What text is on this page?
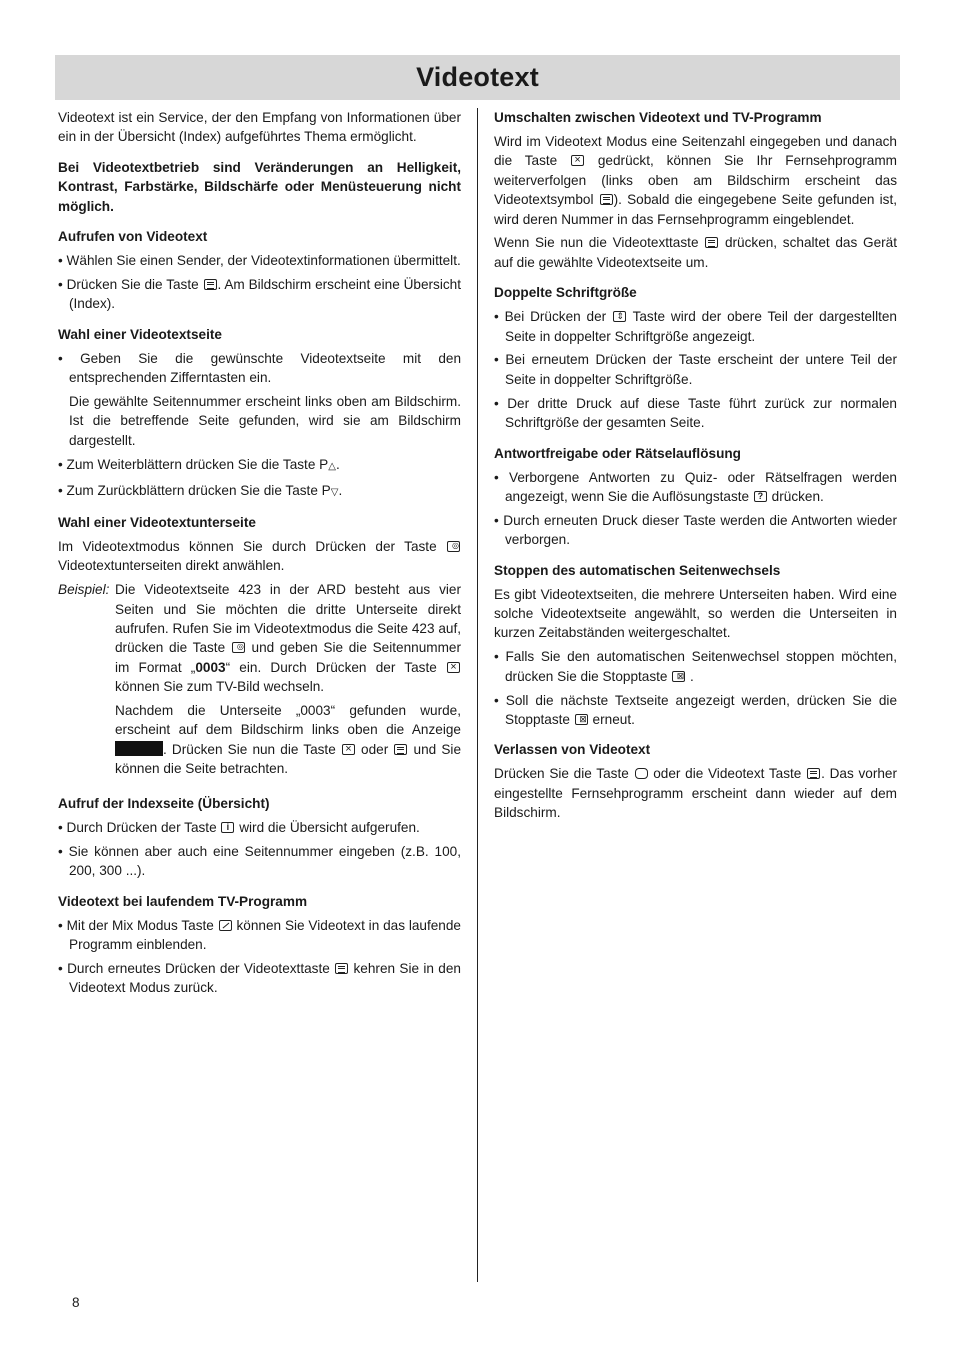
Videotext

Videotext ist ein Service, der den Empfang von Informationen über ein in der Übersicht (Index) aufgeführtes Thema ermöglicht.

Bei Videotextbetrieb sind Veränderungen an Helligkeit, Kontrast, Farbstärke, Bildschärfe oder Menüsteuerung nicht möglich.

Aufrufen von Videotext
• Wählen Sie einen Sender, der Videotextinformationen übermittelt.
• Drücken Sie die Taste . Am Bildschirm erscheint eine Übersicht (Index).
Wahl einer Videotextseite
• Geben Sie die gewünschte Videotextseite mit den entsprechenden Zifferntasten ein.
Die gewählte Seitennummer erscheint links oben am Bildschirm. Ist die betreffende Seite gefunden, wird sie am Bildschirm dargestellt.
• Zum Weiterblättern drücken Sie die Taste P△.
• Zum Zurückblättern drücken Sie die Taste P▽.
Wahl einer Videotextunterseite

Im Videotextmodus können Sie durch Drücken der Taste ◎ Videotextunterseiten direkt anwählen.

Beispiel: Die Videotextseite 423 in der ARD besteht aus vier Seiten und Sie möchten die dritte Unterseite direkt aufrufen. Rufen Sie im Videotextmodus die Seite 423 auf, drücken die Taste ◎ und geben Sie die Seitennummer im Format „0003“ ein. Durch Drücken der Taste × können Sie zum TV-Bild wechseln.

Nachdem die Unterseite „0003“ gefunden wurde, erscheint auf dem Bildschirm links oben die Anzeige . Drücken Sie nun die Taste × oder  und Sie können die Seite betrachten.

Aufruf der Indexseite (Übersicht)
• Durch Drücken der Taste i wird die Übersicht aufgerufen.
• Sie können aber auch eine Seitennummer eingeben (z.B. 100, 200, 300 ...).
Videotext bei laufendem TV-Programm
• Mit der Mix Modus Taste  können Sie Videotext in das laufende Programm einblenden.
• Durch erneutes Drücken der Videotexttaste  kehren Sie in den Videotext Modus zurück.
Umschalten zwischen Videotext und TV-Programm

Wird im Videotext Modus eine Seitenzahl eingegeben und danach die Taste × gedrückt, können Sie Ihr Fernsehprogramm weiterverfolgen (links oben am Bildschirm erscheint das Videotextsymbol ). Sobald die eingegebene Seite gefunden ist, wird deren Nummer in das Fernsehprogramm eingeblendet.

Wenn Sie nun die Videotexttaste  drücken, schaltet das Gerät auf die gewählte Videotextseite um.

Doppelte Schriftgröße
• Bei Drücken der ⇕ Taste wird der obere Teil der dargestellten Seite in doppelter Schriftgröße angezeigt.
• Bei erneutem Drücken der Taste erscheint der untere Teil der Seite in doppelter Schriftgröße.
• Der dritte Druck auf diese Taste führt zurück zur normalen Schriftgröße der gesamten Seite.
Antwortfreigabe oder Rätselauflösung
• Verborgene Antworten zu Quiz- oder Rätselfragen werden angezeigt, wenn Sie die Auflösungstaste ? drücken.
• Durch erneuten Druck dieser Taste werden die Antworten wieder verborgen.
Stoppen des automatischen Seitenwechsels

Es gibt Videotextseiten, die mehrere Unterseiten haben. Wird eine solche Videotextseite angewählt, so werden die Unterseiten in kurzen Zeitabständen weitergeschaltet.

• Falls Sie den automatischen Seitenwechsel stoppen möchten, drücken Sie die Stopptaste ⊠ .
• Soll die nächste Textseite angezeigt werden, drücken Sie die Stopptaste ⊠ erneut.
Verlassen von Videotext

Drücken Sie die Taste  oder die Videotext Taste . Das vorher eingestellte Fernsehprogramm erscheint dann wieder auf dem Bildschirm.

8
